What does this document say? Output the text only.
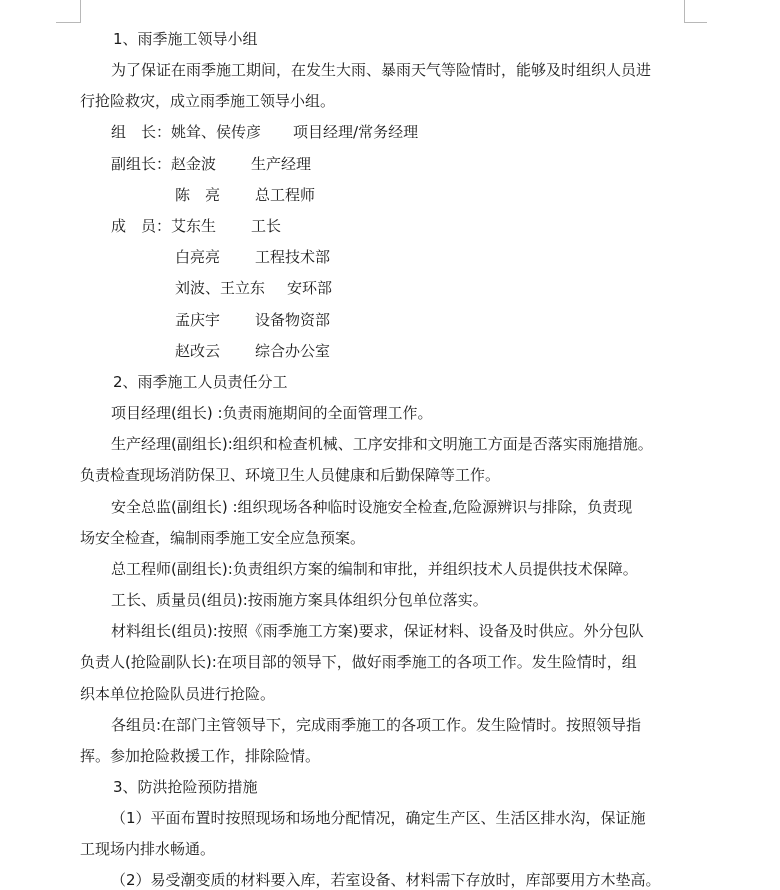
1、雨季施工领导小组
为了保证在雨季施工期间，在发生大雨、暴雨天气等险情时，能够及时组织人员进
行抢险救灾，成立雨季施工领导小组。
组　长：姚耸、侯传彦 项目经理/常务经理
副组长：赵金波 生产经理
陈　亮 总工程师
成　员：艾东生 工长
白亮亮 工程技术部
刘波、王立东 安环部
孟庆宇 设备物资部
赵改云 综合办公室
2、雨季施工人员责任分工
项目经理(组长) :负责雨施期间的全面管理工作。
生产经理(副组长):组织和检查机械、工序安排和文明施工方面是否落实雨施措施。
负责检查现场消防保卫、环境卫生人员健康和后勤保障等工作。
安全总监(副组长) :组织现场各种临时设施安全检查,危险源辨识与排除，负责现
场安全检查，编制雨季施工安全应急预案。
总工程师(副组长):负责组织方案的编制和审批，并组织技术人员提供技术保障。
工长、质量员(组员):按雨施方案具体组织分包单位落实。
材料组长(组员):按照《雨季施工方案)要求，保证材料、设备及时供应。外分包队
负责人(抢险副队长):在项目部的领导下，做好雨季施工的各项工作。发生险情时，组
织本单位抢险队员进行抢险。
各组员:在部门主管领导下，完成雨季施工的各项工作。发生险情时。按照领导指
挥。参加抢险救援工作，排除险情。
3、防洪抢险预防措施
（1）平面布置时按照现场和场地分配情况，确定生产区、生活区排水沟，保证施
工现场内排水畅通。
（2）易受潮变质的材料要入库，若室设备、材料需下存放时，库部要用方木垫高。
